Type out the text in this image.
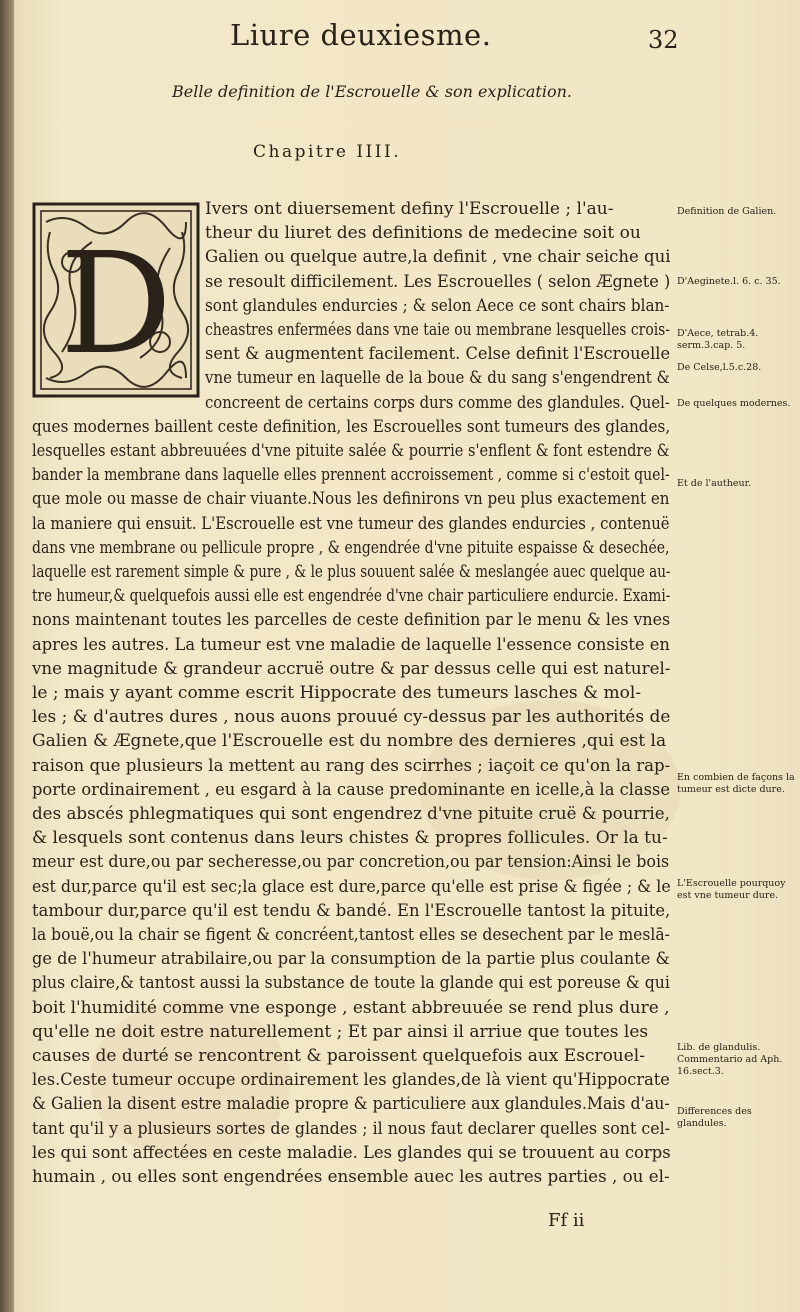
Liure deuxiesme.	32
Belle definition de l'Escrouelle & son explication.
Chapitre IIII.
D
Ivers ont diuersement definy l'Escrouelle ; l'au-
theur du liuret des definitions de medecine soit ou
Galien ou quelque autre,la definit , vne chair seiche qui
se resoult difficilement. Les Escrouelles ( selon Ægnete )
sont glandules endurcies ; & selon Aece ce sont chairs blan-
cheastres enfermées dans vne taie ou membrane lesquelles crois-
sent & augmentent facilement. Celse definit l'Escrouelle
vne tumeur en laquelle de la boue & du sang s'engendrent &
concreent de certains corps durs comme des glandules. Quel-
ques modernes baillent ceste definition, les Escrouelles sont tumeurs des glandes,
lesquelles estant abbreuuées d'vne pituite salée & pourrie s'enflent & font estendre &
bander la membrane dans laquelle elles prennent accroissement , comme si c'estoit quel-
que mole ou masse de chair viuante.Nous les definirons vn peu plus exactement en
la maniere qui ensuit. L'Escrouelle est vne tumeur des glandes endurcies , contenuë
dans vne membrane ou pellicule propre , & engendrée d'vne pituite espaisse & desechée,
laquelle est rarement simple & pure , & le plus souuent salée & meslangée auec quelque au-
tre humeur,& quelquefois aussi elle est engendrée d'vne chair particuliere endurcie. Exami-
nons maintenant toutes les parcelles de ceste definition par le menu & les vnes
apres les autres. La tumeur est vne maladie de laquelle l'essence consiste en
vne magnitude & grandeur accruë outre & par dessus celle qui est naturel-
le ; mais y ayant comme escrit Hippocrate des tumeurs lasches & mol-
les ; & d'autres dures , nous auons prouué cy-dessus par les authorités de
Galien & Ægnete,que l'Escrouelle est du nombre des dernieres ,qui est la
raison que plusieurs la mettent au rang des scirrhes ; iaçoit ce qu'on la rap-
porte ordinairement , eu esgard à la cause predominante en icelle,à la classe
des abscés phlegmatiques qui sont engendrez d'vne pituite cruë & pourrie,
& lesquels sont contenus dans leurs chistes & propres follicules. Or la tu-
meur est dure,ou par secheresse,ou par concretion,ou par tension:Ainsi le bois
est dur,parce qu'il est sec;la glace est dure,parce qu'elle est prise & figée ; & le
tambour dur,parce qu'il est tendu & bandé. En l'Escrouelle tantost la pituite,
la bouë,ou la chair se figent & concréent,tantost elles se desechent par le meslā-
ge de l'humeur atrabilaire,ou par la consumption de la partie plus coulante &
plus claire,& tantost aussi la substance de toute la glande qui est poreuse & qui
boit l'humidité comme vne esponge , estant abbreuuée se rend plus dure ,
qu'elle ne doit estre naturellement ; Et par ainsi il arriue que toutes les
causes de durté se rencontrent & paroissent quelquefois aux Escrouel-
les.Ceste tumeur occupe ordinairement les glandes,de là vient qu'Hippocrate
& Galien la disent estre maladie propre & particuliere aux glandules.Mais d'au-
tant qu'il y a plusieurs sortes de glandes ; il nous faut declarer quelles sont cel-
les qui sont affectées en ceste maladie. Les glandes qui se trouuent au corps
humain , ou elles sont engendrées ensemble auec les autres parties , ou el-
Definition de Galien.
D'Aeginete.l. 6. c. 35.
D'Aece, tetrab.4. serm.3.cap. 5.
De Celse,l.5.c.28.
De quelques modernes.
Et de l'autheur.
En combien de façons la tumeur est dicte dure.
L'Escrouelle pourquoy est vne tumeur dure.
Lib. de glandulis. Commentario ad Aph. 16.sect.3.
Differences des glandules.
Ff ii
